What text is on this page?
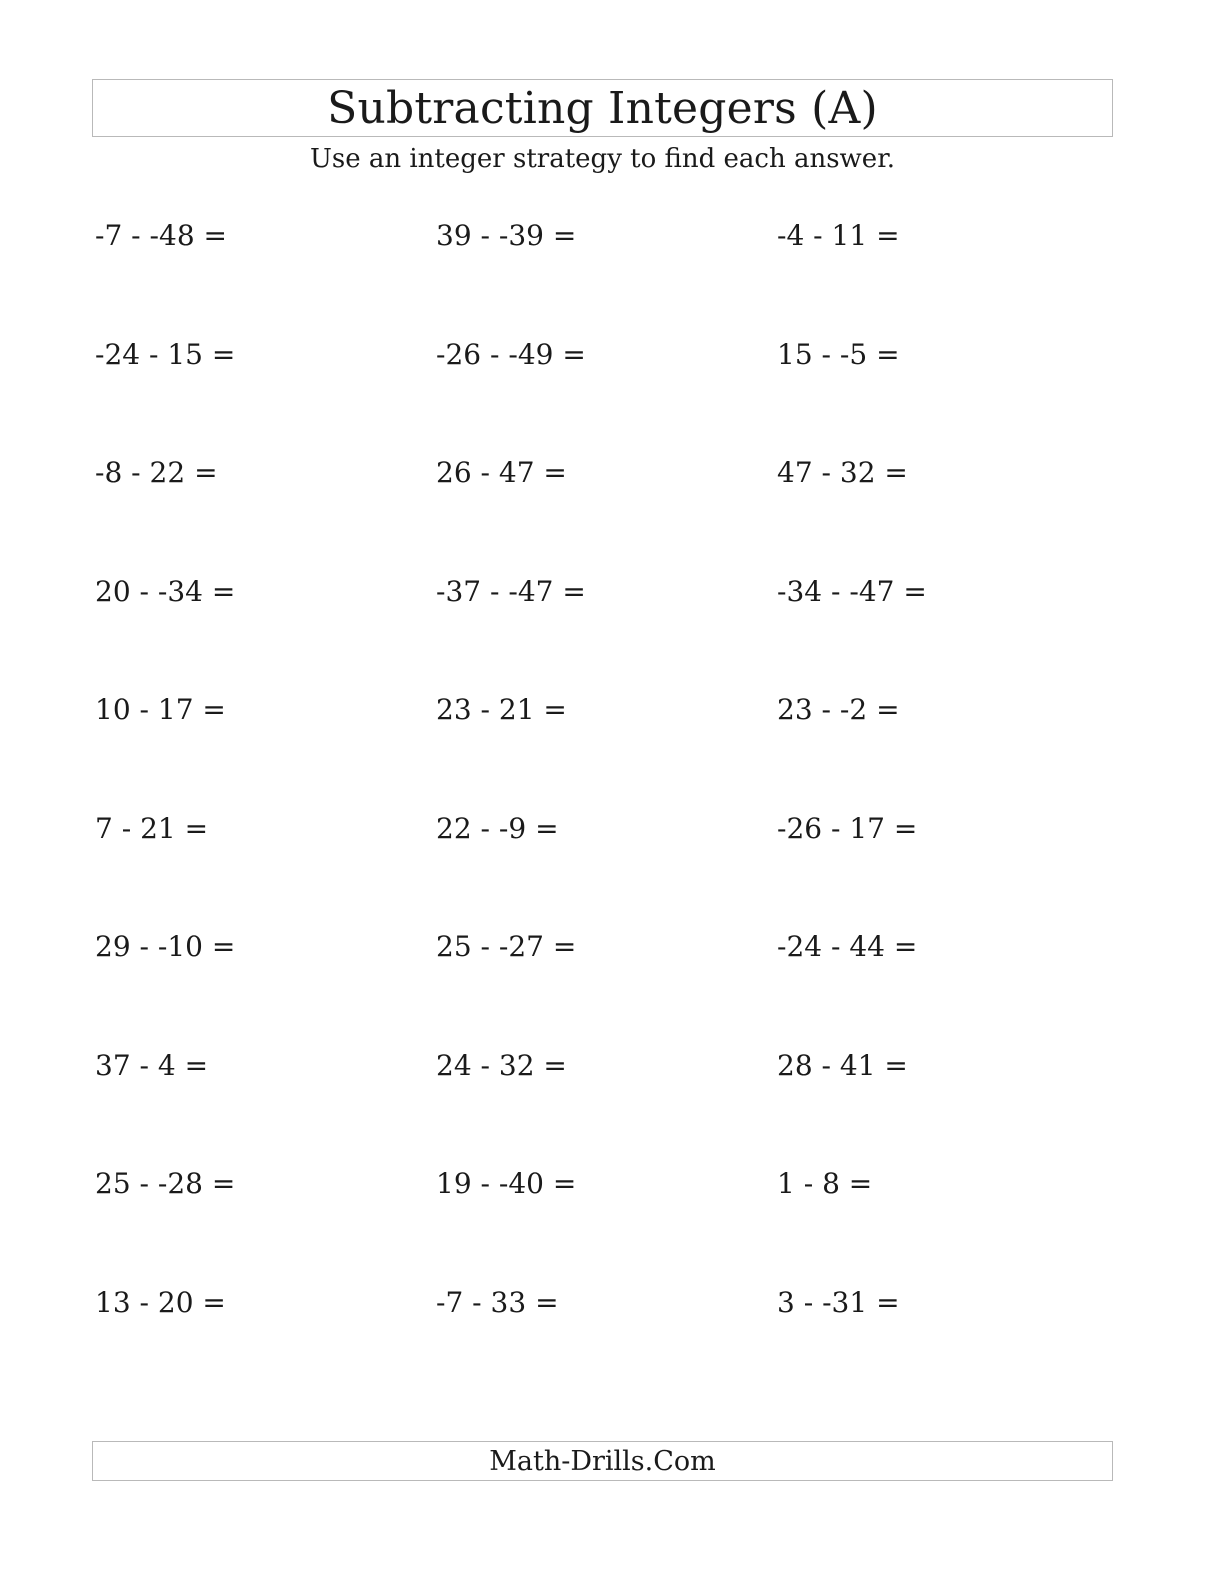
Subtracting Integers (A)
Use an integer strategy to find each answer.
-7 - -48 =	39 - -39 =	-4 - 11 =
-24 - 15 =	-26 - -49 =	15 - -5 =
-8 - 22 =	26 - 47 =	47 - 32 =
20 - -34 =	-37 - -47 =	-34 - -47 =
10 - 17 =	23 - 21 =	23 - -2 =
7 - 21 =	22 - -9 =	-26 - 17 =
29 - -10 =	25 - -27 =	-24 - 44 =
37 - 4 =	24 - 32 =	28 - 41 =
25 - -28 =	19 - -40 =	1 - 8 =
13 - 20 =	-7 - 33 =	3 - -31 =
Math-Drills.Com
